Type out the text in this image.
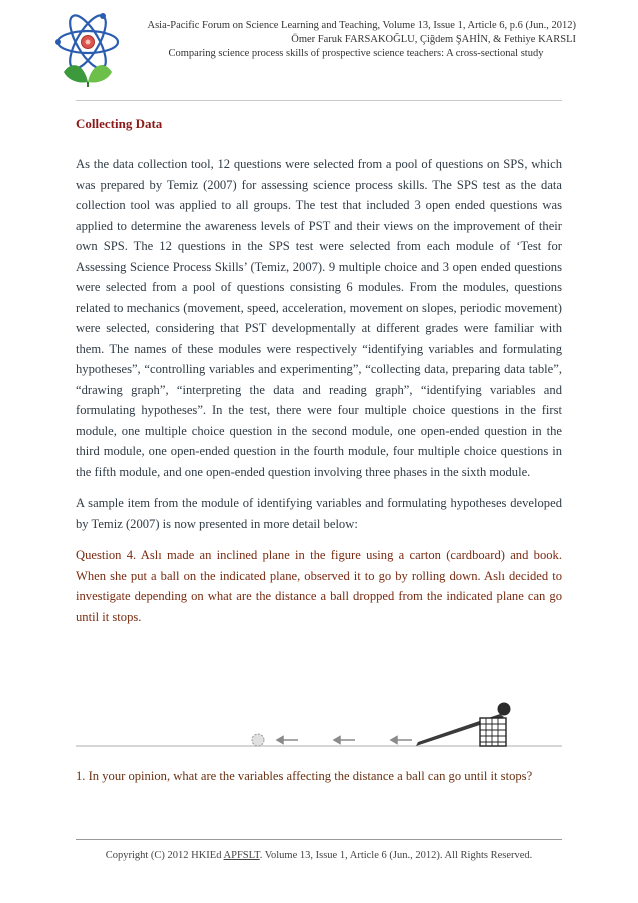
Asia-Pacific Forum on Science Learning and Teaching, Volume 13, Issue 1, Article 6, p.6 (Jun., 2012)
Ömer Faruk FARSAKOĞLU, Çiğdem ŞAHİN, & Fethiye KARSLI
Comparing science process skills of prospective science teachers: A cross-sectional study
Collecting Data

As the data collection tool, 12 questions were selected from a pool of questions on SPS, which was prepared by Temiz (2007) for assessing science process skills. The SPS test as the data collection tool was applied to all groups. The test that included 3 open ended questions was applied to determine the awareness levels of PST and their views on the improvement of their own SPS. The 12 questions in the SPS test were selected from each module of ‘Test for Assessing Science Process Skills’ (Temiz, 2007). 9 multiple choice and 3 open ended questions were selected from a pool of questions consisting 6 modules. From the modules, questions related to mechanics (movement, speed, acceleration, movement on slopes, periodic movement) were selected, considering that PST developmentally at different grades were familiar with them. The names of these modules were respectively “identifying variables and formulating hypotheses”, “controlling variables and experimenting”, “collecting data, preparing data table”, “drawing graph”, “interpreting the data and reading graph”, “identifying variables and formulating hypotheses”. In the test, there were four multiple choice questions in the first module, one multiple choice question in the second module, one open-ended question in the third module, one open-ended question in the fourth module, four multiple choice questions in the fifth module, and one open-ended question involving three phases in the sixth module.

A sample item from the module of identifying variables and formulating hypotheses developed by Temiz (2007) is now presented in more detail below:

Question 4. Aslı made an inclined plane in the figure using a carton (cardboard) and book. When she put a ball on the indicated plane, observed it to go by rolling down. Aslı decided to investigate depending on what are the distance a ball dropped from the indicated plane can go until it stops.

1. In your opinion, what are the variables affecting the distance a ball can go until it stops?
Copyright (C) 2012 HKIEd APFSLT. Volume 13, Issue 1, Article 6 (Jun., 2012). All Rights Reserved.
